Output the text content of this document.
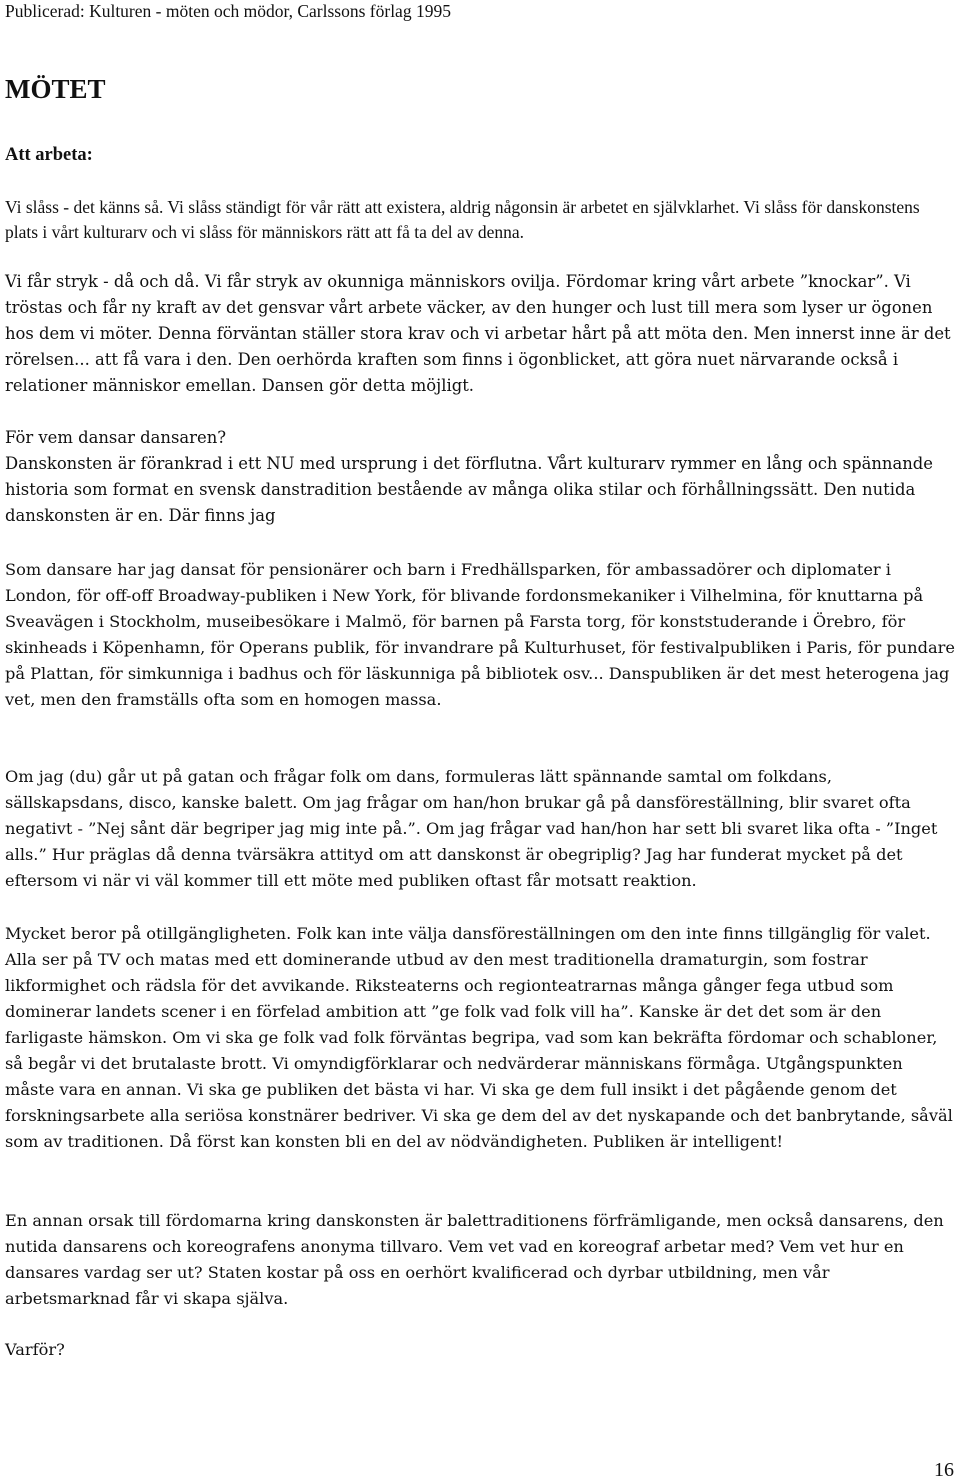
Publicerad: Kulturen - möten och mödor, Carlssons förlag 1995
MÖTET
Att arbeta:

Vi slåss - det känns så. Vi slåss ständigt för vår rätt att existera, aldrig någonsin är arbetet en självklarhet. Vi slåss för danskonstens plats i vårt kulturarv och vi slåss för människors rätt att få ta del av denna.

Vi får stryk - då och då. Vi får stryk av okunniga människors ovilja. Fördomar kring vårt arbete ”knockar”. Vi tröstas och får ny kraft av det gensvar vårt arbete väcker, av den hunger och lust till mera som lyser ur ögonen hos dem vi möter. Denna förväntan ställer stora krav och vi arbetar hårt på att möta den. Men innerst inne är det rörelsen... att få vara i den. Den oerhörda kraften som finns i ögonblicket, att göra nuet närvarande också i relationer människor emellan. Dansen gör detta möjligt.

För vem dansar dansaren?

Danskonsten är förankrad i ett NU med ursprung i det förflutna. Vårt kulturarv rymmer en lång och spännande historia som format en svensk danstradition bestående av många olika stilar och förhållningssätt. Den nutida danskonsten är en. Där finns jag

Som dansare har jag dansat för pensionärer och barn i Fredhällsparken, för ambassadörer och diplomater i London, för off-off Broadway-publiken i New York, för blivande fordonsmekaniker i Vilhelmina, för knuttarna på Sveavägen i Stockholm, museibesökare i Malmö, för barnen på Farsta torg, för konststuderande i Örebro, för skinheads i Köpenhamn, för Operans publik, för invandrare på Kulturhuset, för festivalpubliken i Paris, för pundare på Plattan, för simkunniga i badhus och för läskunniga på bibliotek osv... Danspubliken är det mest heterogena jag vet, men den framställs ofta som en homogen massa.

Om jag (du) går ut på gatan och frågar folk om dans, formuleras lätt spännande samtal om folkdans, sällskapsdans, disco, kanske balett. Om jag frågar om han/hon brukar gå på dansföreställning, blir svaret ofta negativt - ”Nej sånt där begriper jag mig inte på.”. Om jag frågar vad han/hon har sett bli svaret lika ofta - ”Inget alls.” Hur präglas då denna tvärsäkra attityd om att danskonst är obegriplig? Jag har funderat mycket på det eftersom vi när vi väl kommer till ett möte med publiken oftast får motsatt reaktion.

Mycket beror på otillgängligheten. Folk kan inte välja dansföreställningen om den inte finns tillgänglig för valet. Alla ser på TV och matas med ett dominerande utbud av den mest traditionella dramaturgin, som fostrar likformighet och rädsla för det avvikande. Riksteaterns och regionteatrarnas många gånger fega utbud som dominerar landets scener i en förfelad ambition att ”ge folk vad folk vill ha”. Kanske är det det som är den farligaste hämskon. Om vi ska ge folk vad folk förväntas begripa, vad som kan bekräfta fördomar och schabloner, så begår vi det brutalaste brott. Vi omyndigförklarar och nedvärderar människans förmåga. Utgångspunkten måste vara en annan. Vi ska ge publiken det bästa vi har. Vi ska ge dem full insikt i det pågående genom det forskningsarbete alla seriösa konstnärer bedriver. Vi ska ge dem del av det nyskapande och det banbrytande, såväl som av traditionen. Då först kan konsten bli en del av nödvändigheten. Publiken är intelligent!

En annan orsak till fördomarna kring danskonsten är balettraditionens förfrämligande, men också dansarens, den nutida dansarens och koreografens anonyma tillvaro. Vem vet vad en koreograf arbetar med? Vem vet hur en dansares vardag ser ut? Staten kostar på oss en oerhört kvalificerad och dyrbar utbildning, men vår arbetsmarknad får vi skapa själva.

Varför?

16
